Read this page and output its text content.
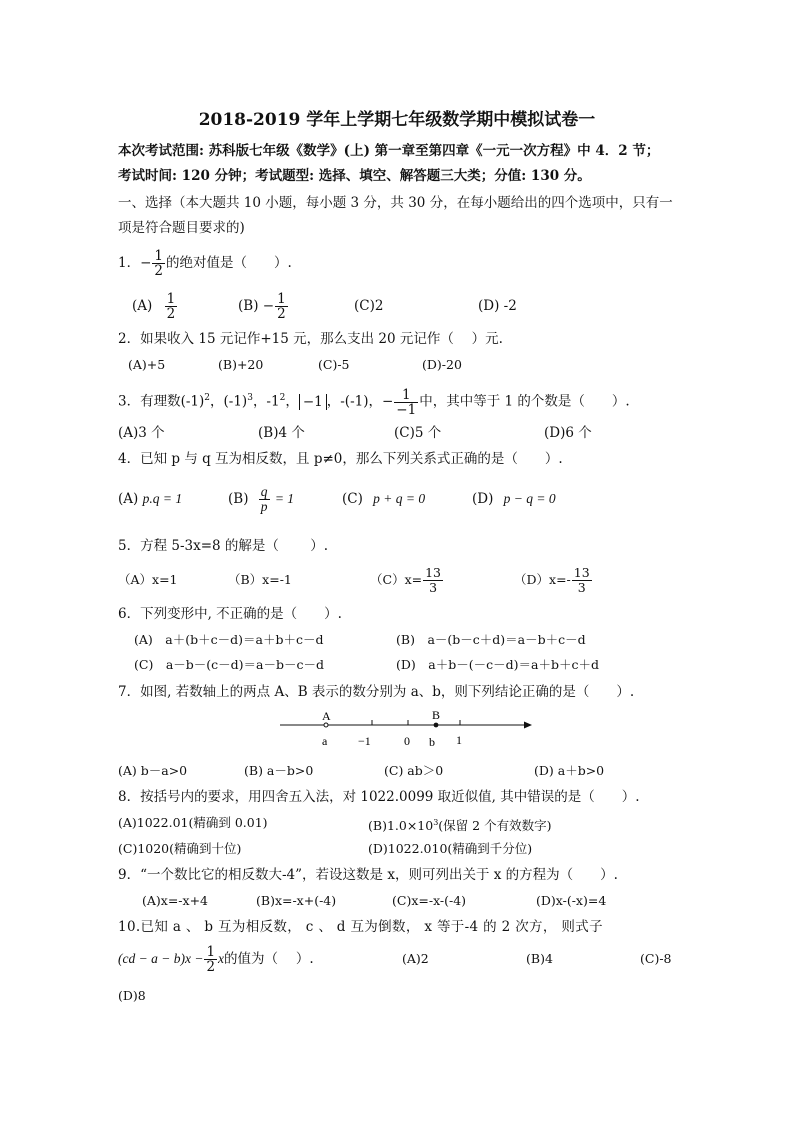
2018-2019 学年上学期七年级数学期中模拟试卷一
本次考试范围: 苏科版七年级《数学》(上) 第一章至第四章《一元一次方程》中 4．2 节；
考试时间: 120 分钟；考试题型: 选择、填空、解答题三大类；分值: 130 分。
一、选择（本大题共 10 小题，每小题 3 分，共 30 分，在每小题给出的四个选项中，只有一
项是符合题目要求的)
1．− $\frac{1}{2}$ 的绝对值是（　　）.
$(A) \frac{1}{2}$	$(B) - \frac{1}{2}$	(C)2	(D) -2
2．如果收入 15 元记作+15 元，那么支出 20 元记作（　 ）元.
(A)+5	(B)+20	(C)-5	(D)-20
3．有理数$(-1)^2$，$(-1)^3$，$-1^2$， −1 ，-(-1)，− $\frac{1}{-1}$ 中，其中等于 1 的个数是（　　）.
(A)3 个	(B)4 个	(C)5 个	(D)6 个
4．已知 p 与 q 互为相反数，且 p≠0，那么下列关系式正确的是（　　）.
(A) p.q = 1	$(B) \frac{q}{p} = 1$	(C) p + q = 0	(D) p − q = 0
5．方程 5-3x=8 的解是（　　 ）.
（A）x=1	（B）x=-1	$(C)x= \frac{13}{3}$	$(D)x=- \frac{13}{3}$
6．下列变形中, 不正确的是（　　）.
(A)　a＋(b＋c－d)＝a＋b＋c－d	(B)　a－(b－c＋d)＝a－b＋c－d
(C)　a－b－(c－d)＝a－b－c－d	(D)　a＋b－(－c－d)＝a＋b＋c＋d
7．如图, 若数轴上的两点 A、B 表示的数分别为 a、b，则下列结论正确的是（　　）.
A	B
a	−1	0 b 1
(A) b－a>0	(B) a－b>0	(C) ab＞0	(D) a＋b>0
8．按括号内的要求，用四舍五入法，对 1022.0099 取近似值, 其中错误的是（　　）.
(A)1022.01(精确到 0.01)	$(B)1.0\times 10^3$(保留 2 个有效数字)
(C)1020(精确到十位)	(D)1022.010(精确到千分位)
9．“一个数比它的相反数大-4”，若设这数是 x，则可列出关于 x 的方程为（　　）.
(A)x=-x+4	(B)x=-x+(-4)	(C)x=-x-(-4)	(D)x-(-x)=4
10.已知 a 、 b 互为相反数， c 、 d 互为倒数， x 等于-4 的 2 次方， 则式子
$(cd - a - b)x - \frac{1}{2}$ x的值为（　 ）.	(A)2	(B)4	(C)-8
(D)8
